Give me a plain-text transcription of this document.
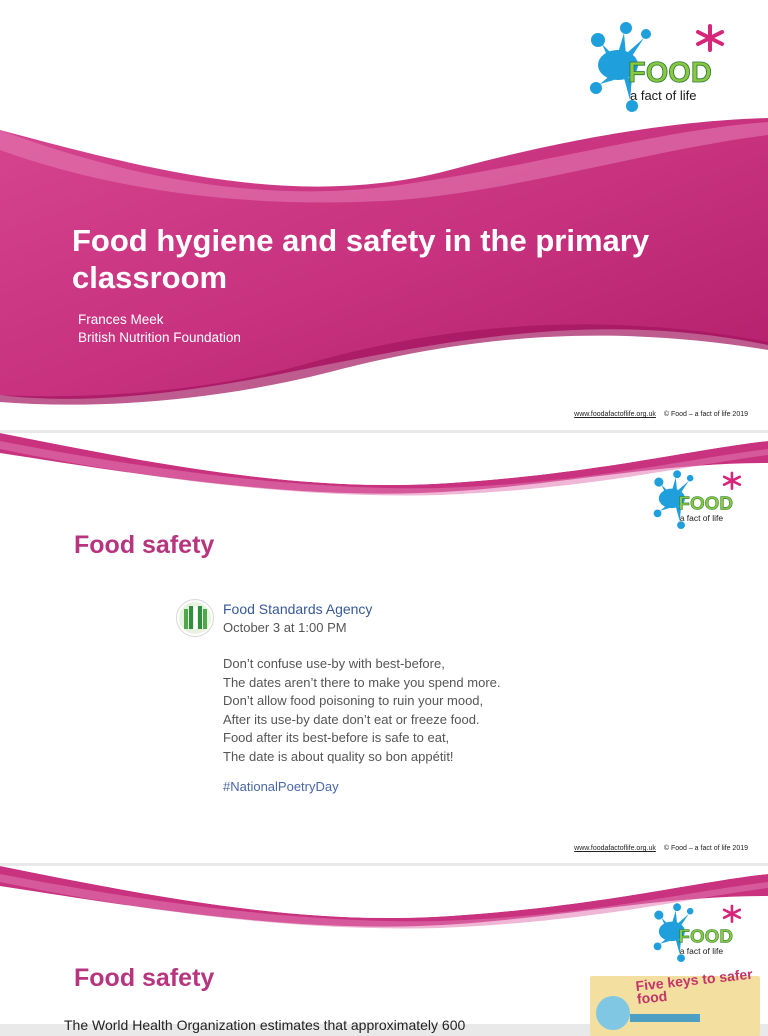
FOOD
a fact of life
Food hygiene and safety in the primary classroom
Frances Meek
British Nutrition Foundation
www.foodafactoflife.org.uk © Food – a fact of life 2019
FOOD
a fact of life
Food safety
Food Standards Agency
October 3 at 1:00 PM
Don’t confuse use-by with best-before,
The dates aren’t there to make you spend more.
Don’t allow food poisoning to ruin your mood,
After its use-by date don’t eat or freeze food.
Food after its best-before is safe to eat,
The date is about quality so bon appétit!
#NationalPoetryDay
www.foodafactoflife.org.uk © Food – a fact of life 2019
FOOD
a fact of life
Food safety	Five keys to safer food
The World Health Organization estimates that approximately 600
